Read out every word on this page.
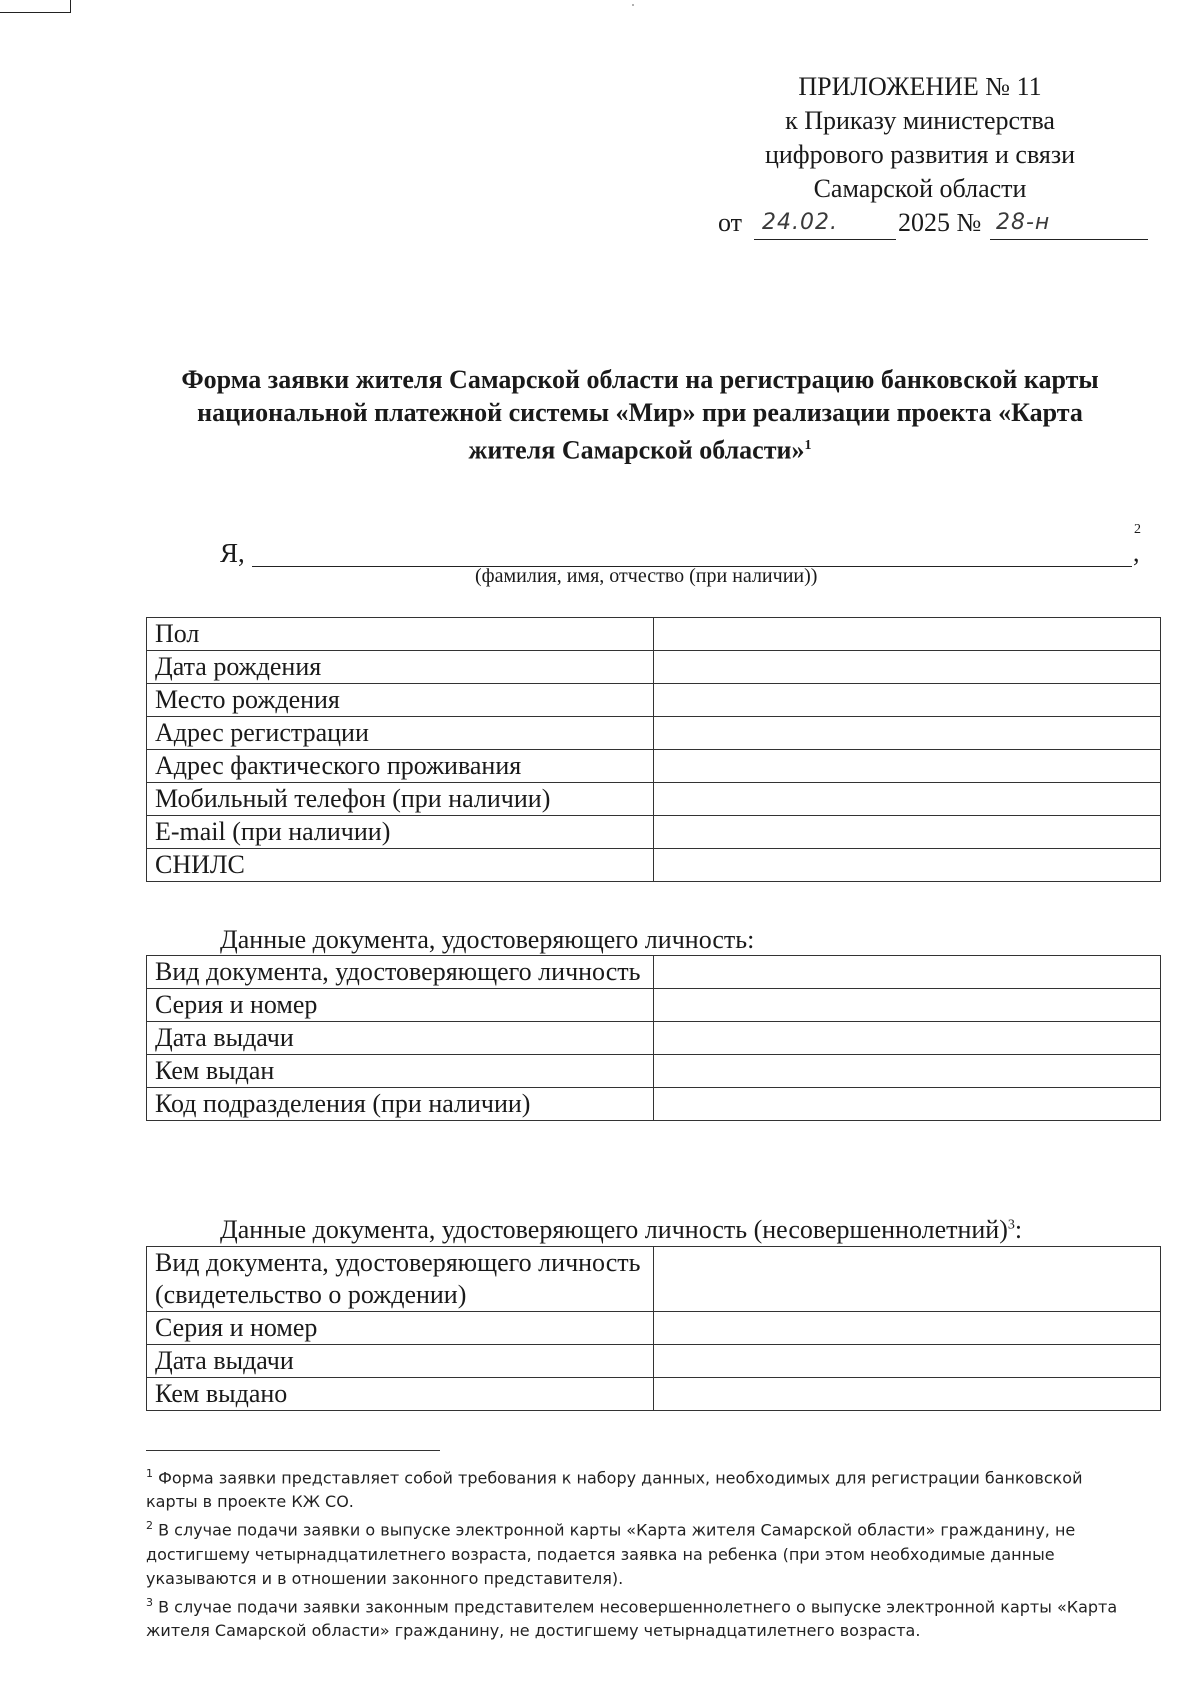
ПРИЛОЖЕНИЕ № 11
к Приказу министерства
цифрового развития и связи
Самарской области
от 24.02. 2025 № 28-н
Форма заявки жителя Самарской области на регистрацию банковской карты
национальной платежной системы «Мир» при реализации проекта «Карта
жителя Самарской области»$^1$
Я,
2
,
(фамилия, имя, отчество (при наличии))
Пол	
Дата рождения	
Место рождения	
Адрес регистрации	
Адрес фактического проживания	
Мобильный телефон (при наличии)	
E-mail (при наличии)	
СНИЛС	
Данные документа, удостоверяющего личность:
Вид документа, удостоверяющего личность	
Серия и номер	
Дата выдачи	
Кем выдан	
Код подразделения (при наличии)	
Данные документа, удостоверяющего личность (несовершеннолетний)$^3$:
Вид документа, удостоверяющего личность (свидетельство о рождении)	
Серия и номер	
Дата выдачи	
Кем выдано	

$^1$ Форма заявки представляет собой требования к набору данных, необходимых для регистрации банковской карты в проекте КЖ СО.

$^2$ В случае подачи заявки о выпуске электронной карты «Карта жителя Самарской области» гражданину, не достигшему четырнадцатилетнего возраста, подается заявка на ребенка (при этом необходимые данные указываются и в отношении законного представителя).

$^3$ В случае подачи заявки законным представителем несовершеннолетнего о выпуске электронной карты «Карта жителя Самарской области» гражданину, не достигшему четырнадцатилетнего возраста.
